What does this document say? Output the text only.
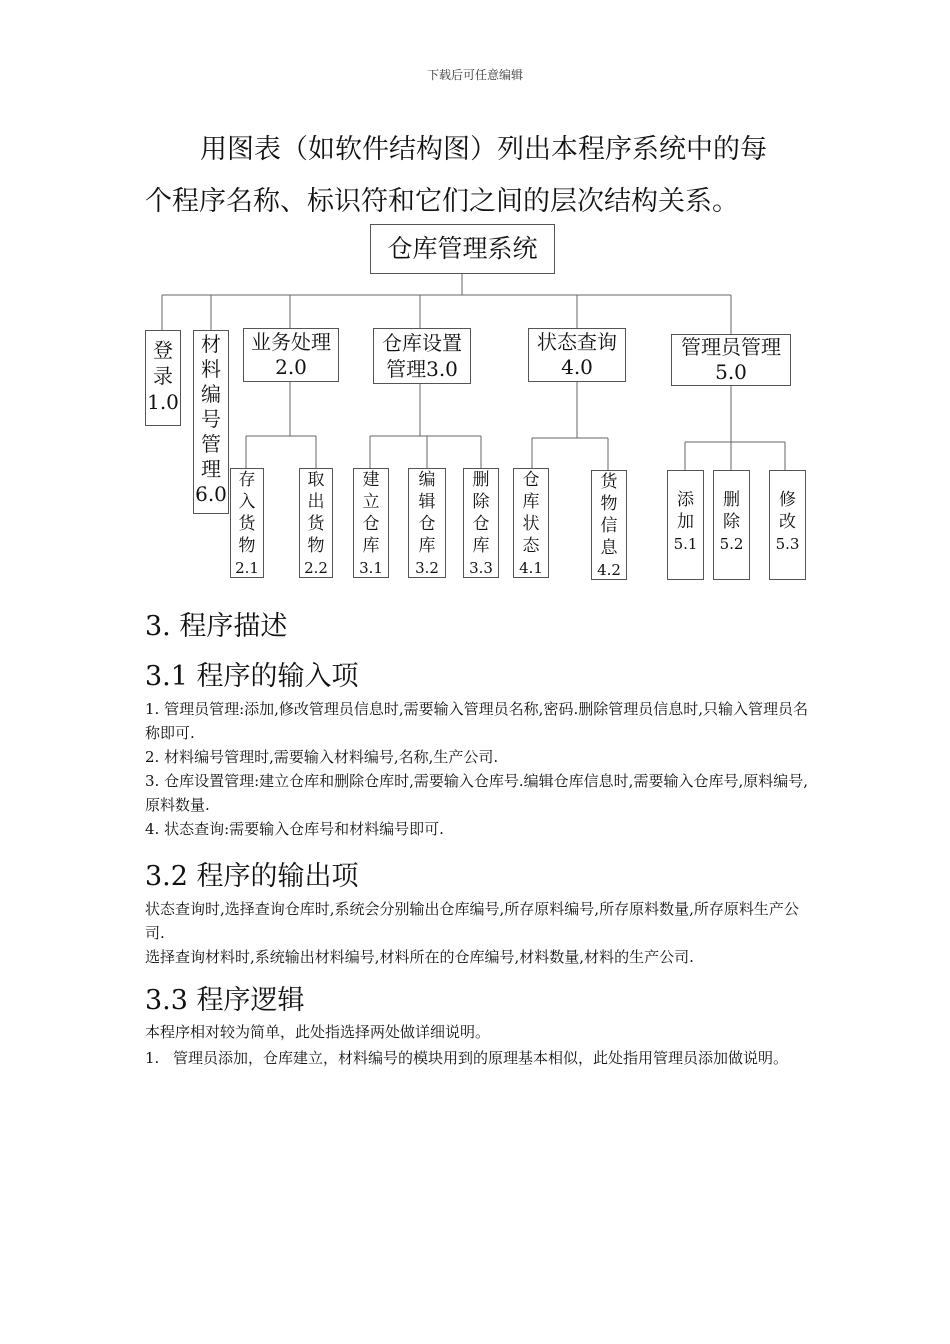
下载后可任意编辑
用图表（如软件结构图）列出本程序系统中的每
个程序名称、标识符和它们之间的层次结构关系。
仓库管理系统
登
录
1.0
材
料
编
号
管
理
6.0
业务处理
2.0
仓库设置
管理3.0
状态查询
4.0
管理员管理
5.0
存
入
货
物
2.1
取
出
货
物
2.2
建
立
仓
库
3.1
编
辑
仓
库
3.2
删
除
仓
库
3.3
仓
库
状
态
4.1
货
物
信
息
4.2
添
加
5.1
删
除
5.2
修
改
5.3
3. 程序描述
3.1 程序的输入项

1. 管理员管理:添加,修改管理员信息时,需要输入管理员名称,密码.删除管理员信息时,只输入管理员名称即可.

2. 材料编号管理时,需要输入材料编号,名称,生产公司.

3. 仓库设置管理:建立仓库和删除仓库时,需要输入仓库号.编辑仓库信息时,需要输入仓库号,原料编号,原料数量.

4. 状态查询:需要输入仓库号和材料编号即可.

3.2 程序的输出项

状态查询时,选择查询仓库时,系统会分别输出仓库编号,所存原料编号,所存原料数量,所存原料生产公司.

选择查询材料时,系统输出材料编号,材料所在的仓库编号,材料数量,材料的生产公司.

3.3 程序逻辑

本程序相对较为简单，此处指选择两处做详细说明。

1. 管理员添加，仓库建立，材料编号的模块用到的原理基本相似，此处指用管理员添加做说明。
